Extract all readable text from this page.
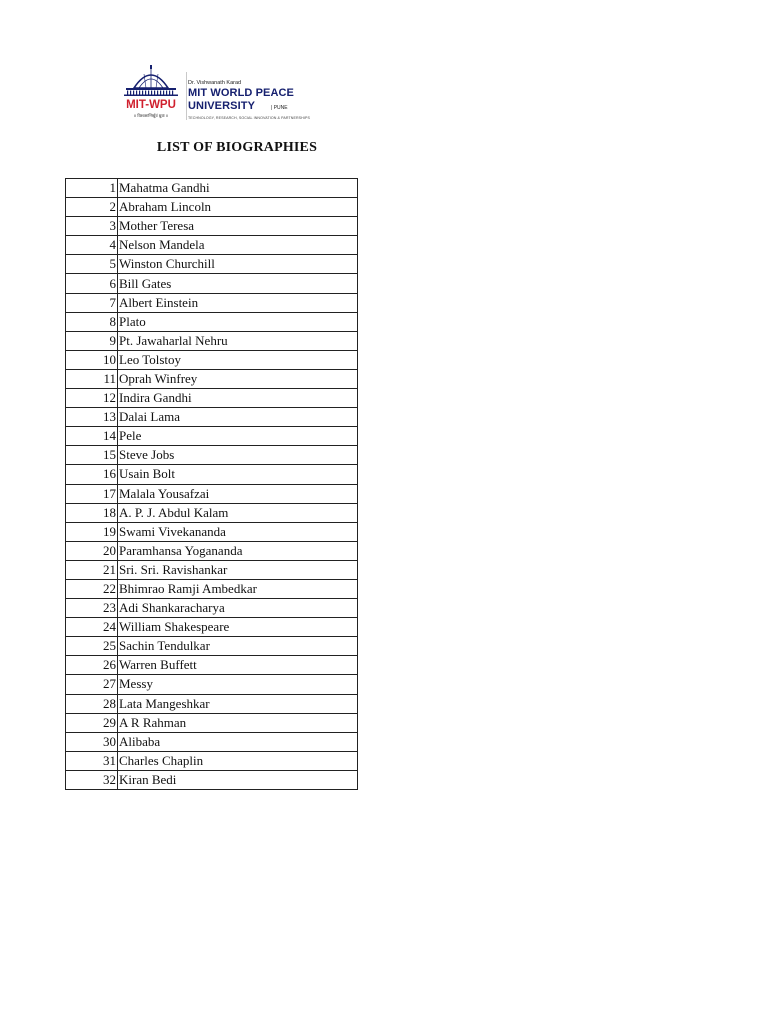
MIT-WPU
॥ विश्वशान्तिर्ध्रुवं ध्रुवा ॥
Dr. Vishwanath Karad
MIT WORLD PEACE
UNIVERSITY	| PUNE
TECHNOLOGY, RESEARCH, SOCIAL INNOVATION & PARTNERSHIPS
LIST OF BIOGRAPHIES
1	Mahatma Gandhi
2	Abraham Lincoln
3	Mother Teresa
4	Nelson Mandela
5	Winston Churchill
6	Bill Gates
7	Albert Einstein
8	Plato
9	Pt. Jawaharlal Nehru
10	Leo Tolstoy
11	Oprah Winfrey
12	Indira Gandhi
13	Dalai Lama
14	Pele
15	Steve Jobs
16	Usain Bolt
17	Malala Yousafzai
18	A. P. J. Abdul Kalam
19	Swami Vivekananda
20	Paramhansa Yogananda
21	Sri. Sri. Ravishankar
22	Bhimrao Ramji Ambedkar
23	Adi Shankaracharya
24	William Shakespeare
25	Sachin Tendulkar
26	Warren Buffett
27	Messy
28	Lata Mangeshkar
29	A R Rahman
30	Alibaba
31	Charles Chaplin
32	Kiran Bedi
